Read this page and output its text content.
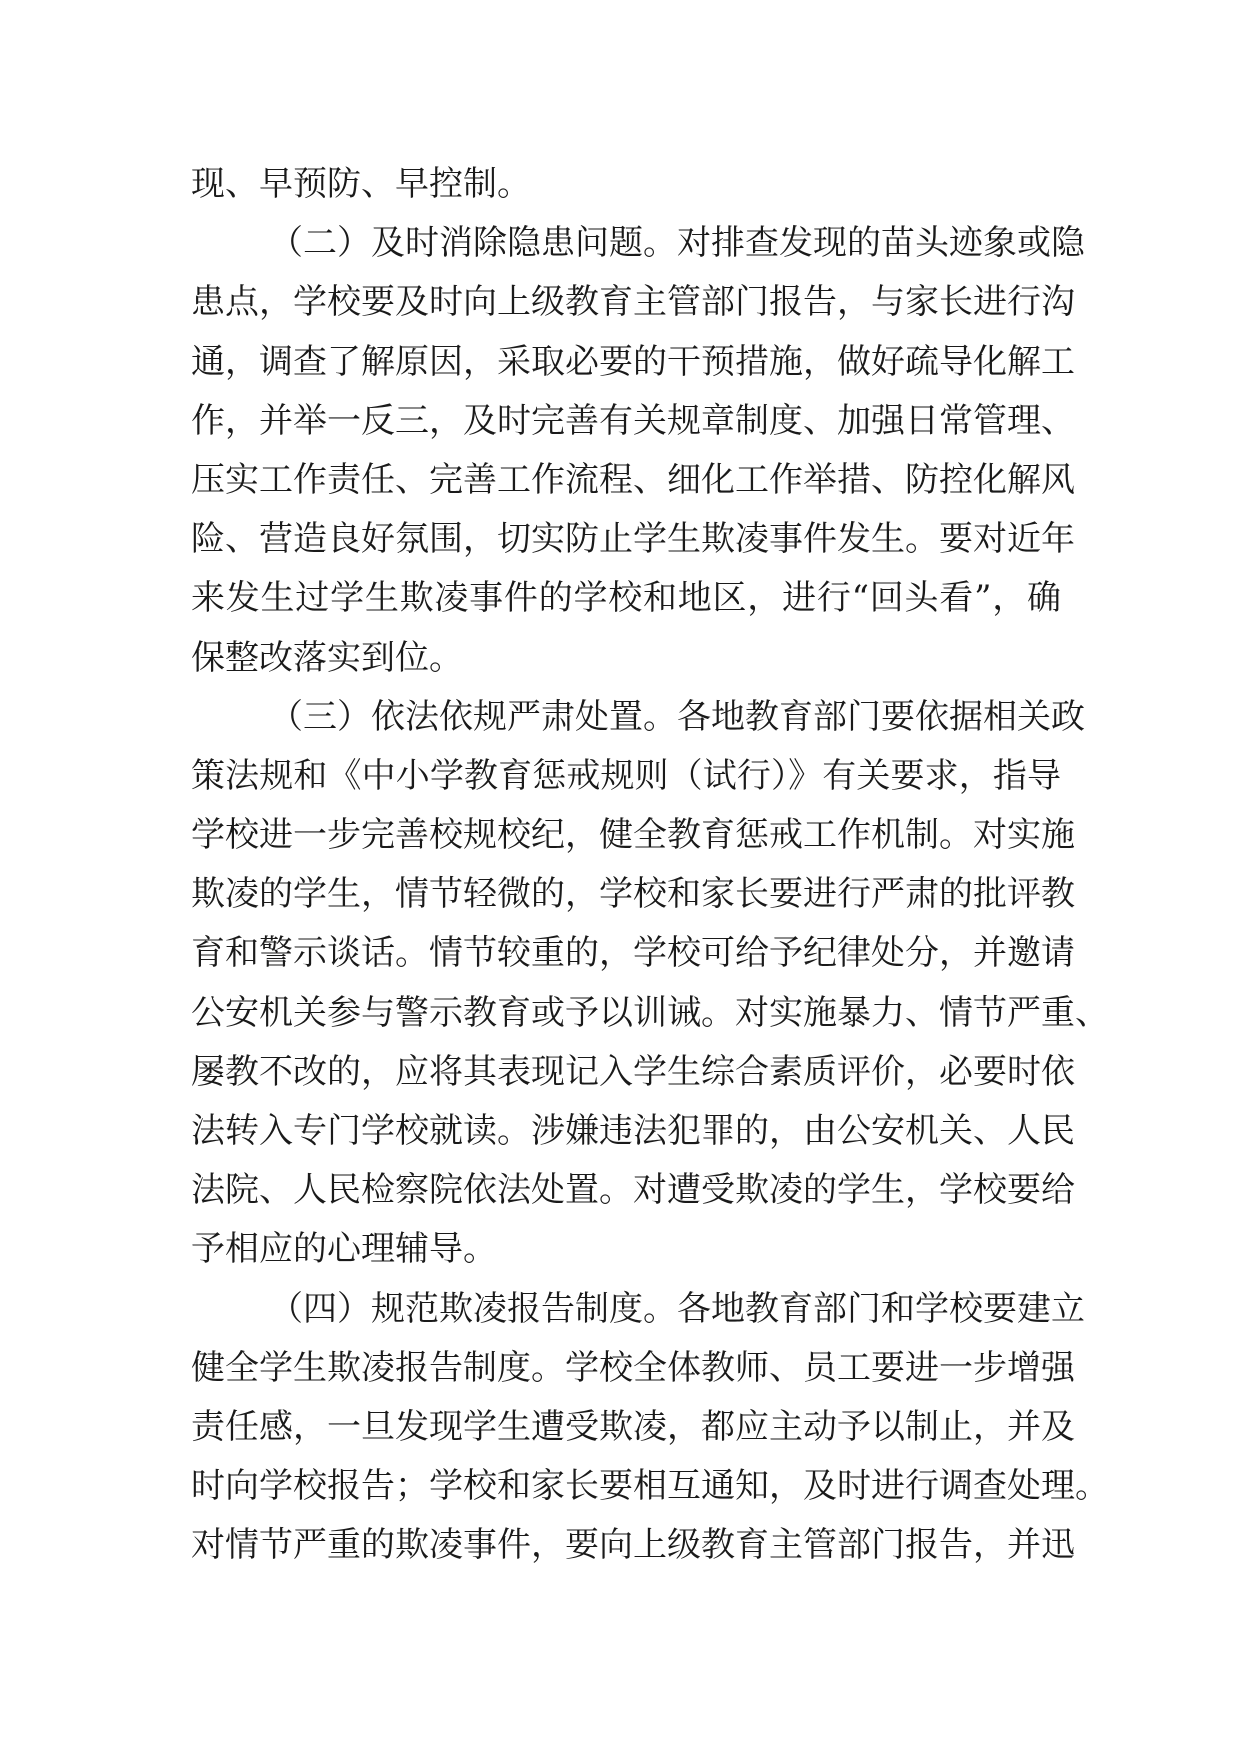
现、早预防、早控制。
（二）及时消除隐患问题。对排查发现的苗头迹象或隐
患点，学校要及时向上级教育主管部门报告，与家长进行沟
通，调查了解原因，采取必要的干预措施，做好疏导化解工
作，并举一反三，及时完善有关规章制度、加强日常管理、
压实工作责任、完善工作流程、细化工作举措、防控化解风
险、营造良好氛围，切实防止学生欺凌事件发生。要对近年
来发生过学生欺凌事件的学校和地区，进行“回头看”，确
保整改落实到位。
（三）依法依规严肃处置。各地教育部门要依据相关政
策法规和《中小学教育惩戒规则（试行）》有关要求，指导
学校进一步完善校规校纪，健全教育惩戒工作机制。对实施
欺凌的学生，情节轻微的，学校和家长要进行严肃的批评教
育和警示谈话。情节较重的，学校可给予纪律处分，并邀请
公安机关参与警示教育或予以训诫。对实施暴力、情节严重、
屡教不改的，应将其表现记入学生综合素质评价，必要时依
法转入专门学校就读。涉嫌违法犯罪的，由公安机关、人民
法院、人民检察院依法处置。对遭受欺凌的学生，学校要给
予相应的心理辅导。
（四）规范欺凌报告制度。各地教育部门和学校要建立
健全学生欺凌报告制度。学校全体教师、员工要进一步增强
责任感，一旦发现学生遭受欺凌，都应主动予以制止，并及
时向学校报告；学校和家长要相互通知，及时进行调查处理。
对情节严重的欺凌事件，要向上级教育主管部门报告，并迅
